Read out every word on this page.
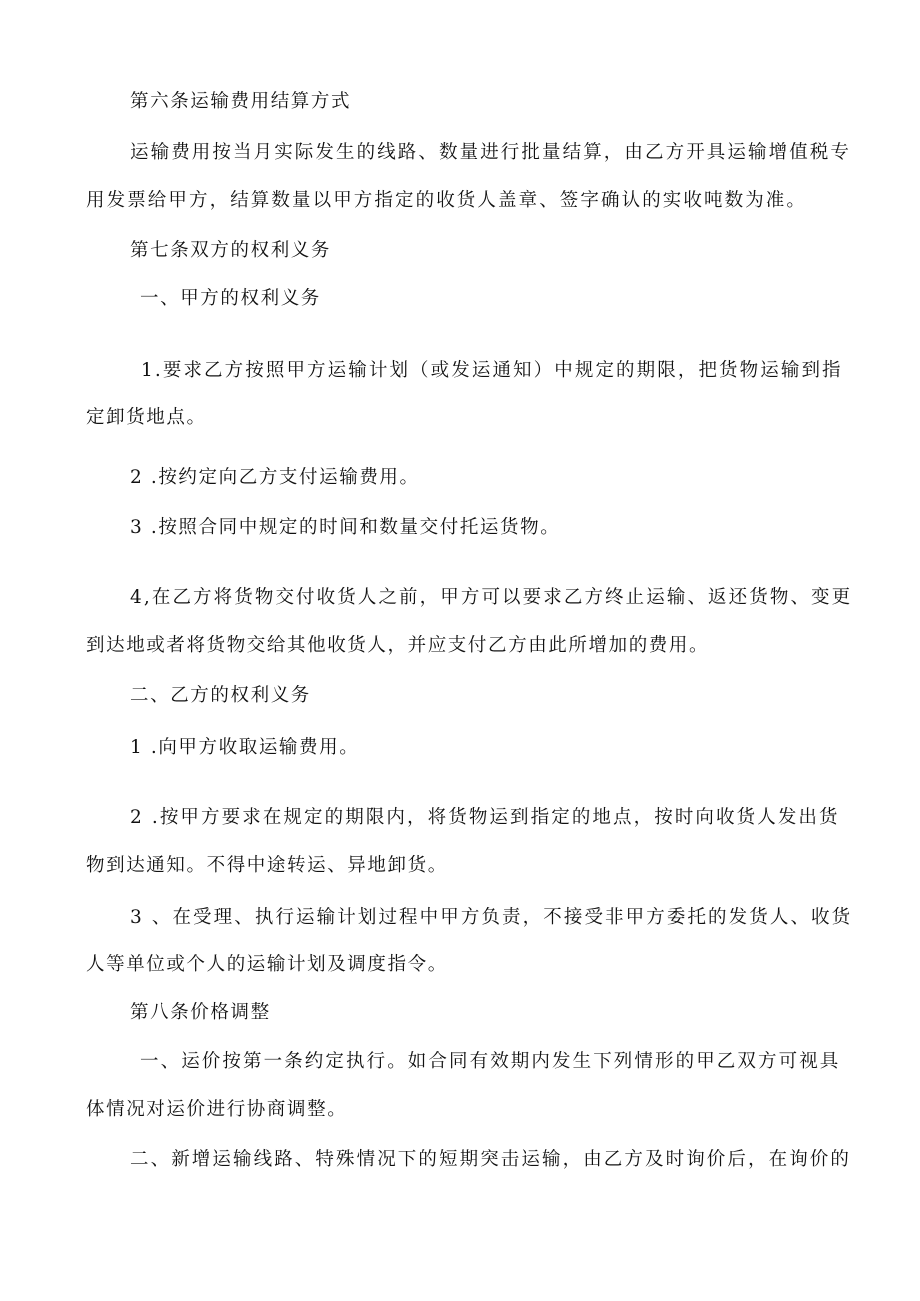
第六条运输费用结算方式
运输费用按当月实际发生的线路、数量进行批量结算，由乙方开具运输增值税专
用发票给甲方，结算数量以甲方指定的收货人盖章、签字确认的实收吨数为准。
第七条双方的权利义务
一、甲方的权利义务
1.要求乙方按照甲方运输计划（或发运通知）中规定的期限，把货物运输到指
定卸货地点。
2 .按约定向乙方支付运输费用。
3 .按照合同中规定的时间和数量交付托运货物。
4,在乙方将货物交付收货人之前，甲方可以要求乙方终止运输、返还货物、变更
到达地或者将货物交给其他收货人，并应支付乙方由此所增加的费用。
二、乙方的权利义务
1 .向甲方收取运输费用。
2 .按甲方要求在规定的期限内，将货物运到指定的地点，按时向收货人发出货
物到达通知。不得中途转运、异地卸货。
3 、在受理、执行运输计划过程中甲方负责，不接受非甲方委托的发货人、收货
人等单位或个人的运输计划及调度指令。
第八条价格调整
一、运价按第一条约定执行。如合同有效期内发生下列情形的甲乙双方可视具
体情况对运价进行协商调整。
二、新增运输线路、特殊情况下的短期突击运输，由乙方及时询价后，在询价的
